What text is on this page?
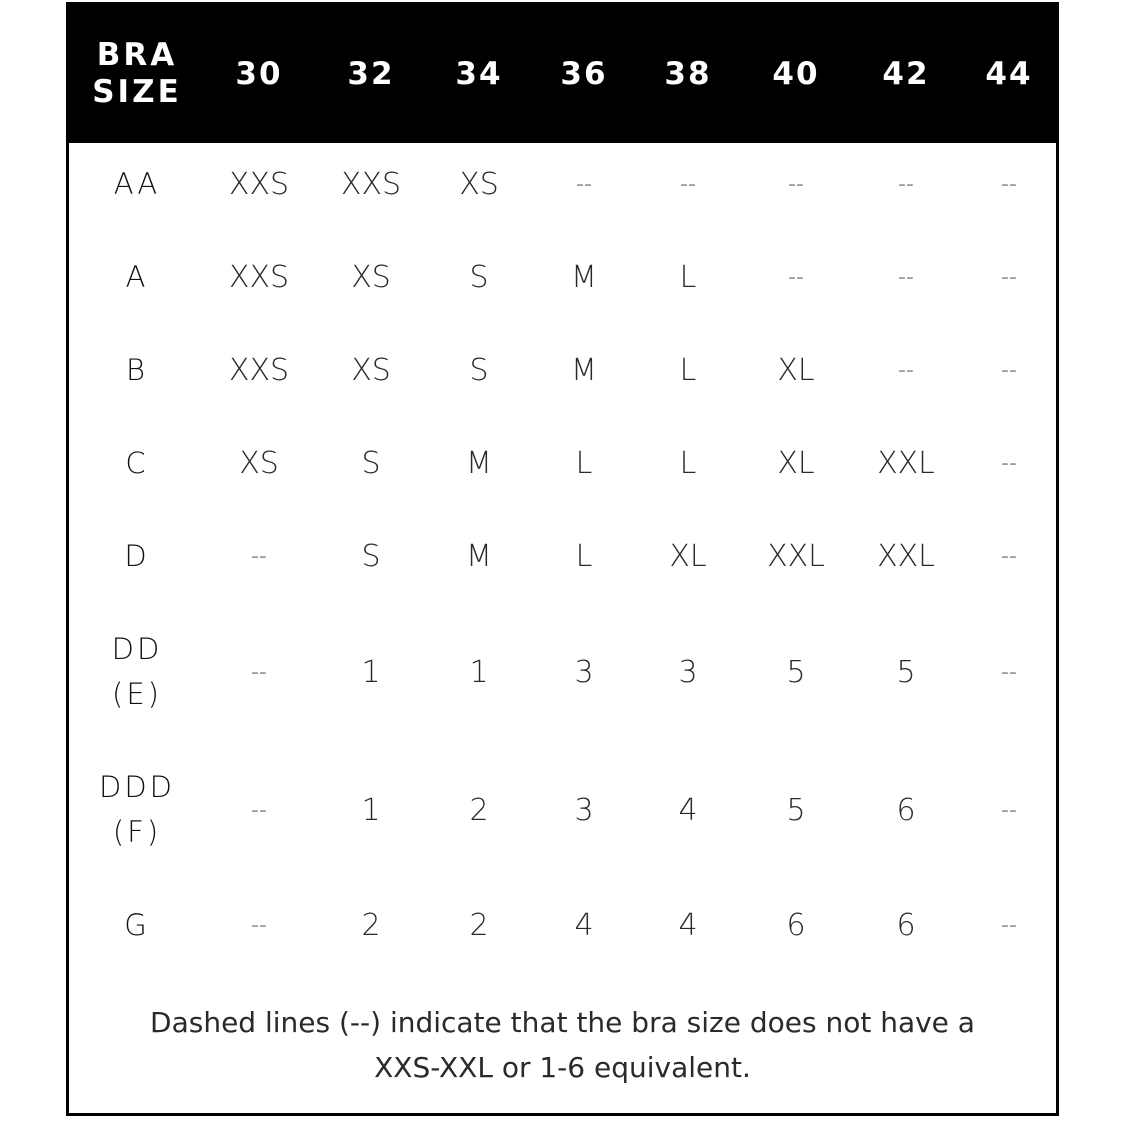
BRA
SIZE	30	32	34	36	38	40	42	44
AA	XXS	XXS	XS	--	--	--	--	--
A	XXS	XS	S	M	L	--	--	--
B	XXS	XS	S	M	L	XL	--	--
C	XS	S	M	L	L	XL	XXL	--
D	--	S	M	L	XL	XXL	XXL	--
DD
(E)
--	1	1	3	3	5	5	--
DDD
(F)
--	1	2	3	4	5	6	--
G	--	2	2	4	4	6	6	--
Dashed lines (--) indicate that the bra size does not have a
XXS-XXL or 1-6 equivalent.
